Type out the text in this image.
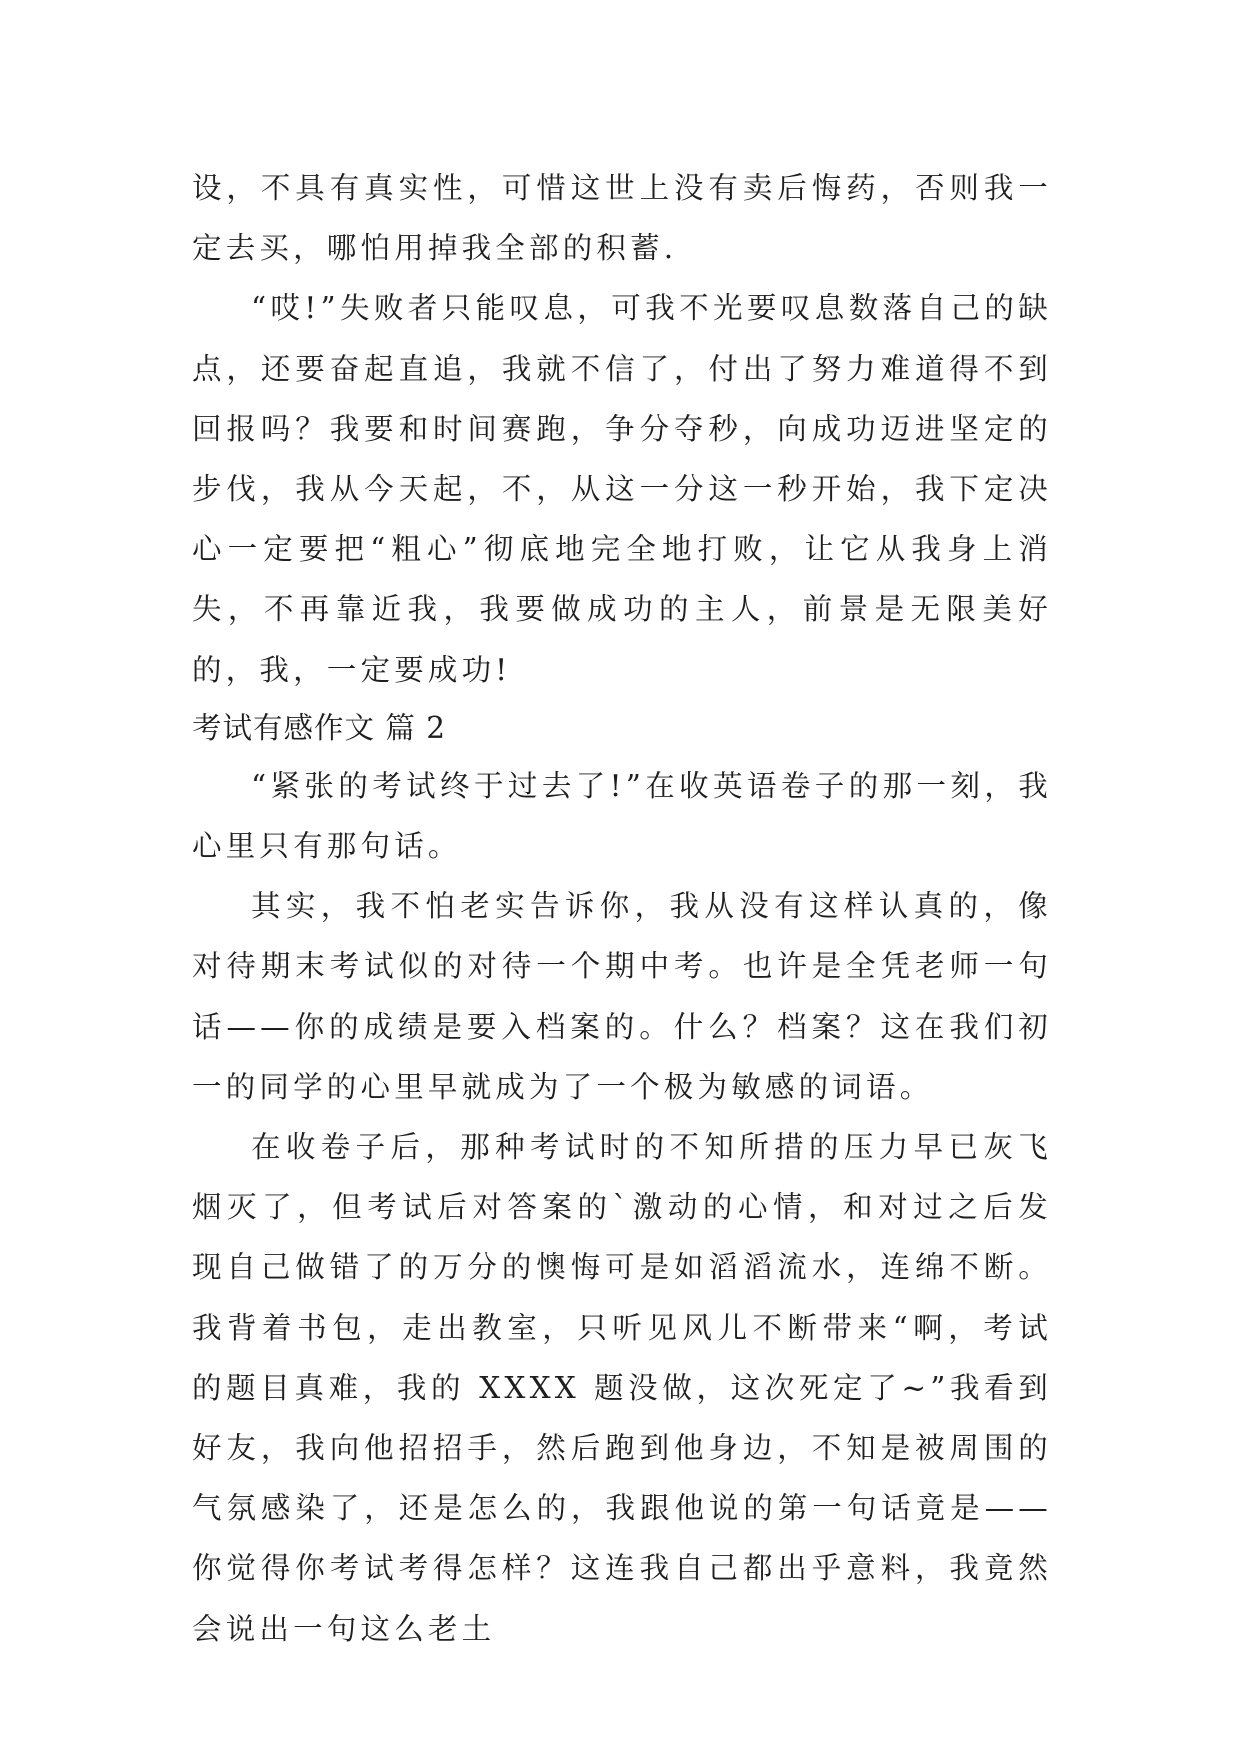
设，不具有真实性，可惜这世上没有卖后悔药，否则我一定去买，哪怕用掉我全部的积蓄.

“哎!”失败者只能叹息，可我不光要叹息数落自己的缺点，还要奋起直追，我就不信了，付出了努力难道得不到回报吗？我要和时间赛跑，争分夺秒，向成功迈进坚定的步伐，我从今天起，不，从这一分这一秒开始，我下定决心一定要把“粗心”彻底地完全地打败，让它从我身上消失，不再靠近我，我要做成功的主人，前景是无限美好的，我，一定要成功!

考试有感作文 篇 2

“紧张的考试终于过去了!”在收英语卷子的那一刻，我心里只有那句话。

其实，我不怕老实告诉你，我从没有这样认真的，像对待期末考试似的对待一个期中考。也许是全凭老师一句话——你的成绩是要入档案的。什么？档案？这在我们初一的同学的心里早就成为了一个极为敏感的词语。

在收卷子后，那种考试时的不知所措的压力早已灰飞烟灭了，但考试后对答案的`激动的心情，和对过之后发现自己做错了的万分的懊悔可是如滔滔流水，连绵不断。我背着书包，走出教室，只听见风儿不断带来“啊，考试的题目真难，我的 XXXX 题没做，这次死定了~”我看到好友，我向他招招手，然后跑到他身边，不知是被周围的气氛感染了，还是怎么的，我跟他说的第一句话竟是——你觉得你考试考得怎样？这连我自己都出乎意料，我竟然会说出一句这么老土
